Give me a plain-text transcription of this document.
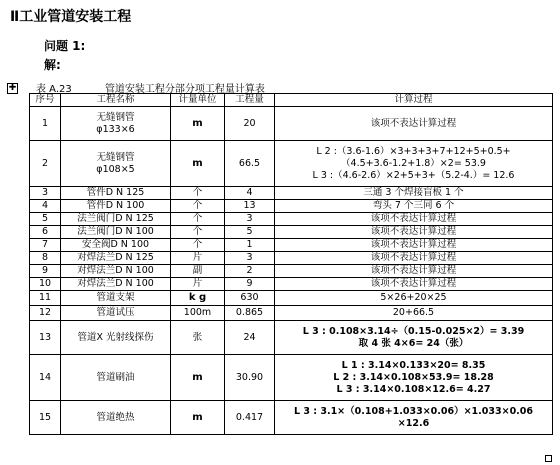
Ⅱ工业管道安装工程
问题 1:
解:
✚ 表 A.23	管道安装工程分部分项工程量计算表
序号	工程名称	计量单位	工程量	计算过程
1	无缝钢管
φ133×6	m	20	该项不表达计算过程

2	无缝钢管
φ108×5	m	66.5	L 2 :（3.6-1.6）×3+3+3+7+12+5+0.5+
（4.5+3.6-1.2+1.8）×2= 53.9
L 3 :（4.6-2.6）×2+5+3+（5.2-4.）= 12.6

3	管件D N 125	个	4	三通 3 个焊接盲板 1 个

4	管件D N 100	个	13	弯头 7 个三同 6 个

5	法兰阀门D N 125	个	3	该项不表达计算过程

6	法兰阀门D N 100	个	5	该项不表达计算过程

7	安全阀D N 100	个	1	该项不表达计算过程

8	对焊法兰D N 125	片	3	该项不表达计算过程

9	对焊法兰D N 100	副	2	该项不表达计算过程

10	对焊法兰D N 100	片	9	该项不表达计算过程

11	管道支架	k g	630	5×26+20×25

12	管道试压	100m	0.865	20+66.5

13	管道X 光射线探伤	张	24	L 3 : 0.108×3.14÷（0.15-0.025×2）= 3.39
取 4 张 4×6= 24（张）

14	管道刷油	m	30.90	L 1 : 3.14×0.133×20= 8.35
L 2 : 3.14×0.108×53.9= 18.28
L 3 : 3.14×0.108×12.6= 4.27

15	管道绝热	m	0.417	L 3 : 3.1×（0.108+1.033×0.06）×1.033×0.06
×12.6
